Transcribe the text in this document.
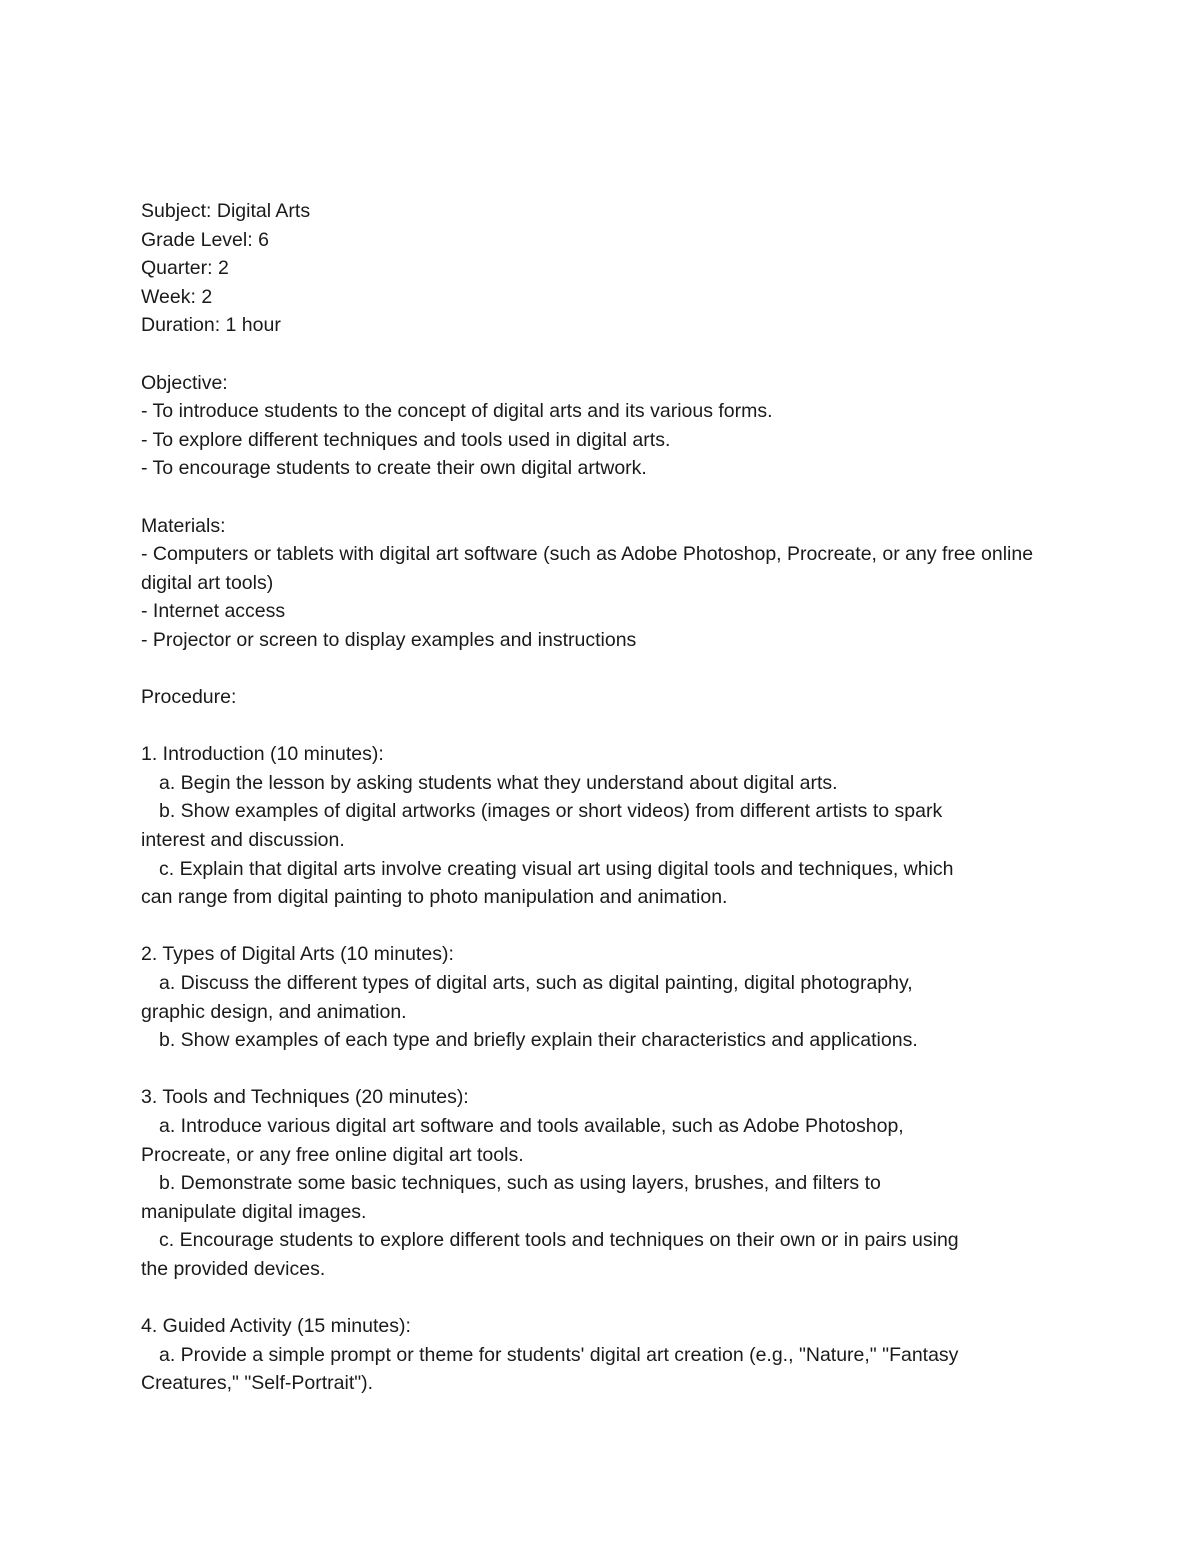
Subject: Digital Arts
Grade Level: 6
Quarter: 2
Week: 2
Duration: 1 hour
Objective:
- To introduce students to the concept of digital arts and its various forms.
- To explore different techniques and tools used in digital arts.
- To encourage students to create their own digital artwork.
Materials:
- Computers or tablets with digital art software (such as Adobe Photoshop, Procreate, or any free online digital art tools)
- Internet access
- Projector or screen to display examples and instructions
Procedure:
1. Introduction (10 minutes):
a. Begin the lesson by asking students what they understand about digital arts.
b. Show examples of digital artworks (images or short videos) from different artists to spark
interest and discussion.
c. Explain that digital arts involve creating visual art using digital tools and techniques, which
can range from digital painting to photo manipulation and animation.
2. Types of Digital Arts (10 minutes):
a. Discuss the different types of digital arts, such as digital painting, digital photography,
graphic design, and animation.
b. Show examples of each type and briefly explain their characteristics and applications.
3. Tools and Techniques (20 minutes):
a. Introduce various digital art software and tools available, such as Adobe Photoshop,
Procreate, or any free online digital art tools.
b. Demonstrate some basic techniques, such as using layers, brushes, and filters to
manipulate digital images.
c. Encourage students to explore different tools and techniques on their own or in pairs using
the provided devices.
4. Guided Activity (15 minutes):
a. Provide a simple prompt or theme for students' digital art creation (e.g., "Nature," "Fantasy
Creatures," "Self-Portrait").
